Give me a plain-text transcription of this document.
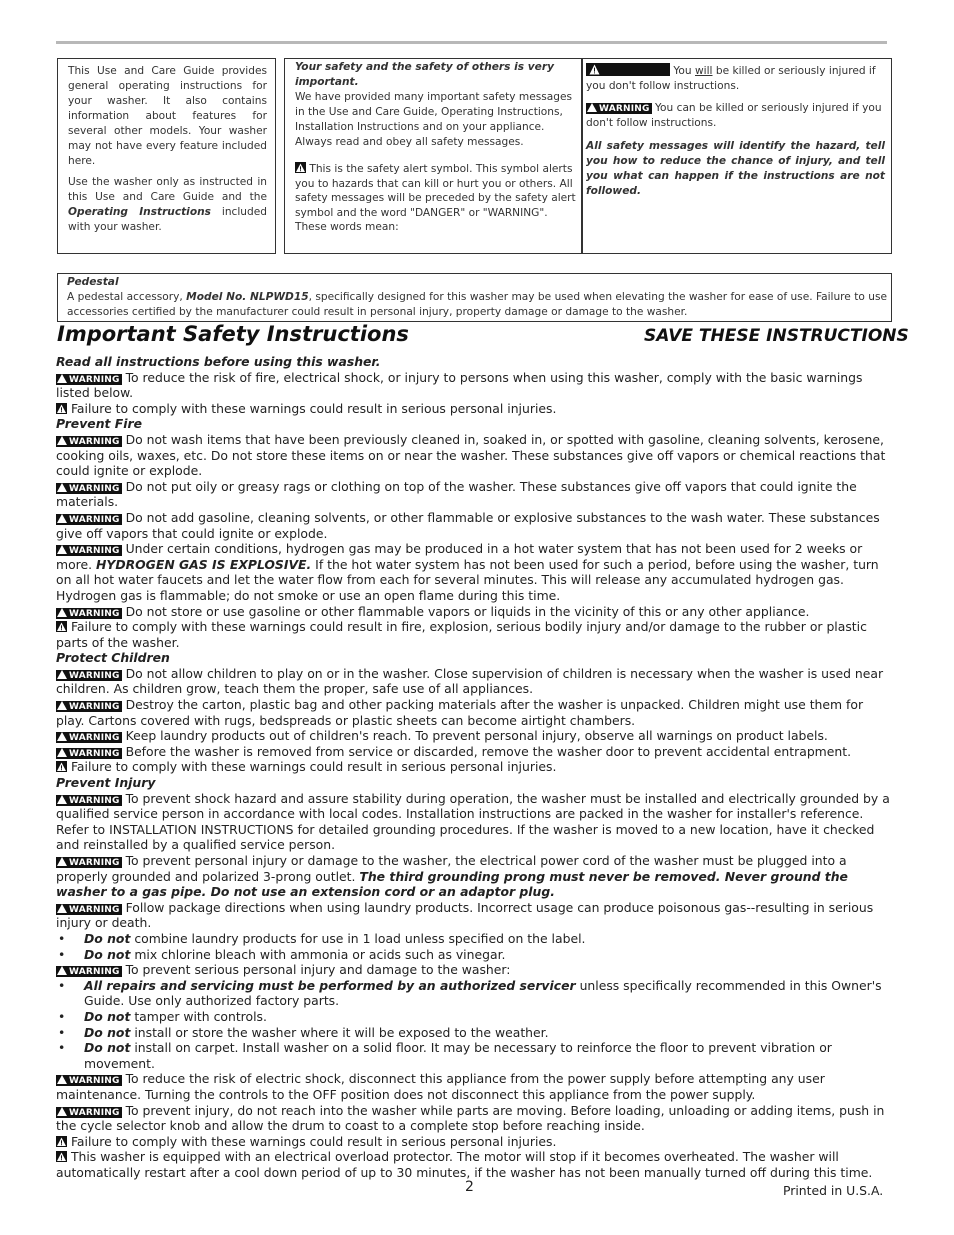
This Use and Care Guide provides general operating instructions for your washer. It also contains information about features for several other models. Your washer may not have every feature included here.

Use the washer only as instructed in this Use and Care Guide and the Operating Instructions included with your washer.

Your safety and the safety of others is very important.

We have provided many important safety messages in the Use and Care Guide, Operating Instructions, Installation Instructions and on your appliance. Always read and obey all safety messages.

This is the safety alert symbol. This symbol alerts you to hazards that can kill or hurt you or others. All safety messages will be preceded by the safety alert symbol and the word "DANGER" or "WARNING". These words mean:

You will be killed or seriously injured if you don't follow instructions.

WARNING You can be killed or seriously injured if you don't follow instructions.

All safety messages will identify the hazard, tell you how to reduce the chance of injury, and tell you what can happen if the instructions are not followed.

Pedestal

A pedestal accessory, Model No. NLPWD15, specifically designed for this washer may be used when elevating the washer for ease of use. Failure to use accessories certified by the manufacturer could result in personal injury, property damage or damage to the washer.

Important Safety Instructions	SAVE THESE INSTRUCTIONS

Read all instructions before using this washer.

WARNING To reduce the risk of fire, electrical shock, or injury to persons when using this washer, comply with the basic warnings listed below.

Failure to comply with these warnings could result in serious personal injuries.

Prevent Fire

WARNING Do not wash items that have been previously cleaned in, soaked in, or spotted with gasoline, cleaning solvents, kerosene, cooking oils, waxes, etc. Do not store these items on or near the washer. These substances give off vapors or chemical reactions that could ignite or explode.

WARNING Do not put oily or greasy rags or clothing on top of the washer. These substances give off vapors that could ignite the materials.

WARNING Do not add gasoline, cleaning solvents, or other flammable or explosive substances to the wash water. These substances give off vapors that could ignite or explode.

WARNING Under certain conditions, hydrogen gas may be produced in a hot water system that has not been used for 2 weeks or more. HYDROGEN GAS IS EXPLOSIVE. If the hot water system has not been used for such a period, before using the washer, turn on all hot water faucets and let the water flow from each for several minutes. This will release any accumulated hydrogen gas. Hydrogen gas is flammable; do not smoke or use an open flame during this time.

WARNING Do not store or use gasoline or other flammable vapors or liquids in the vicinity of this or any other appliance.

Failure to comply with these warnings could result in fire, explosion, serious bodily injury and/or damage to the rubber or plastic parts of the washer.

Protect Children

WARNING Do not allow children to play on or in the washer. Close supervision of children is necessary when the washer is used near children. As children grow, teach them the proper, safe use of all appliances.

WARNING Destroy the carton, plastic bag and other packing materials after the washer is unpacked. Children might use them for play. Cartons covered with rugs, bedspreads or plastic sheets can become airtight chambers.

WARNING Keep laundry products out of children's reach. To prevent personal injury, observe all warnings on product labels.

WARNING Before the washer is removed from service or discarded, remove the washer door to prevent accidental entrapment.

Failure to comply with these warnings could result in serious personal injuries.

Prevent Injury

WARNING To prevent shock hazard and assure stability during operation, the washer must be installed and electrically grounded by a qualified service person in accordance with local codes. Installation instructions are packed in the washer for installer's reference. Refer to INSTALLATION INSTRUCTIONS for detailed grounding procedures. If the washer is moved to a new location, have it checked and reinstalled by a qualified service person.

WARNING To prevent personal injury or damage to the washer, the electrical power cord of the washer must be plugged into a properly grounded and polarized 3-prong outlet. The third grounding prong must never be removed. Never ground the washer to a gas pipe. Do not use an extension cord or an adaptor plug.

WARNING Follow package directions when using laundry products. Incorrect usage can produce poisonous gas--resulting in serious injury or death.

• Do not combine laundry products for use in 1 load unless specified on the label.

• Do not mix chlorine bleach with ammonia or acids such as vinegar.

WARNING To prevent serious personal injury and damage to the washer:

• All repairs and servicing must be performed by an authorized servicer unless specifically recommended in this Owner's Guide. Use only authorized factory parts.

• Do not tamper with controls.

• Do not install or store the washer where it will be exposed to the weather.

• Do not install on carpet. Install washer on a solid floor. It may be necessary to reinforce the floor to prevent vibration or movement.

WARNING To reduce the risk of electric shock, disconnect this appliance from the power supply before attempting any user maintenance. Turning the controls to the OFF position does not disconnect this appliance from the power supply.

WARNING To prevent injury, do not reach into the washer while parts are moving. Before loading, unloading or adding items, push in the cycle selector knob and allow the drum to coast to a complete stop before reaching inside.

Failure to comply with these warnings could result in serious personal injuries.

This washer is equipped with an electrical overload protector. The motor will stop if it becomes overheated. The washer will automatically restart after a cool down period of up to 30 minutes, if the washer has not been manually turned off during this time.

2	Printed in U.S.A.
